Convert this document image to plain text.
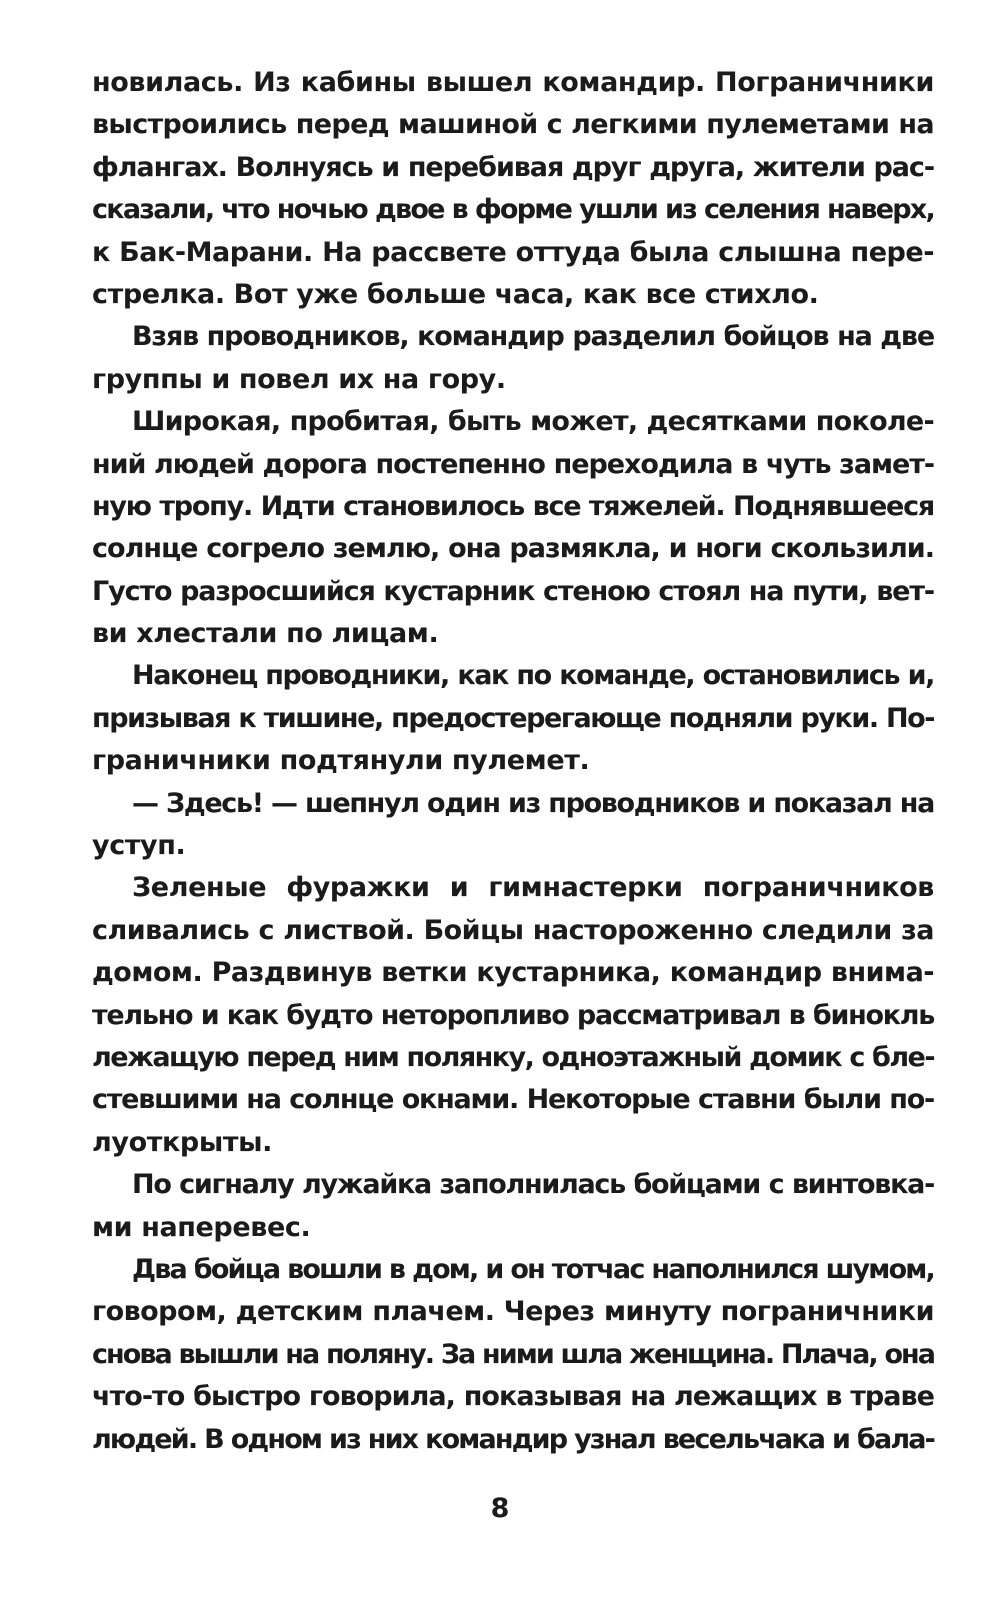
новилась. Из кабины вышел командир. Пограничники
выстроились перед машиной с легкими пулеметами на
флангах. Волнуясь и перебивая друг друга, жители рас-
сказали, что ночью двое в форме ушли из селения наверх,
к Бак-Марани. На рассвете оттуда была слышна пере-
стрелка. Вот уже больше часа, как все стихло.
Взяв проводников, командир разделил бойцов на две
группы и повел их на гору.
Широкая, пробитая, быть может, десятками поколе-
ний людей дорога постепенно переходила в чуть замет-
ную тропу. Идти становилось все тяжелей. Поднявшееся
солнце согрело землю, она размякла, и ноги скользили.
Густо разросшийся кустарник стеною стоял на пути, вет-
ви хлестали по лицам.
Наконец проводники, как по команде, остановились и,
призывая к тишине, предостерегающе подняли руки. По-
граничники подтянули пулемет.
— Здесь! — шепнул один из проводников и показал на
уступ.
Зеленые фуражки и гимнастерки пограничников
сливались с листвой. Бойцы настороженно следили за
домом. Раздвинув ветки кустарника, командир внима-
тельно и как будто неторопливо рассматривал в бинокль
лежащую перед ним полянку, одноэтажный домик с бле-
стевшими на солнце окнами. Некоторые ставни были по-
луоткрыты.
По сигналу лужайка заполнилась бойцами с винтовка-
ми наперевес.
Два бойца вошли в дом, и он тотчас наполнился шумом,
говором, детским плачем. Через минуту пограничники
снова вышли на поляну. За ними шла женщина. Плача, она
что-то быстро говорила, показывая на лежащих в траве
людей. В одном из них командир узнал весельчака и бала-
8
